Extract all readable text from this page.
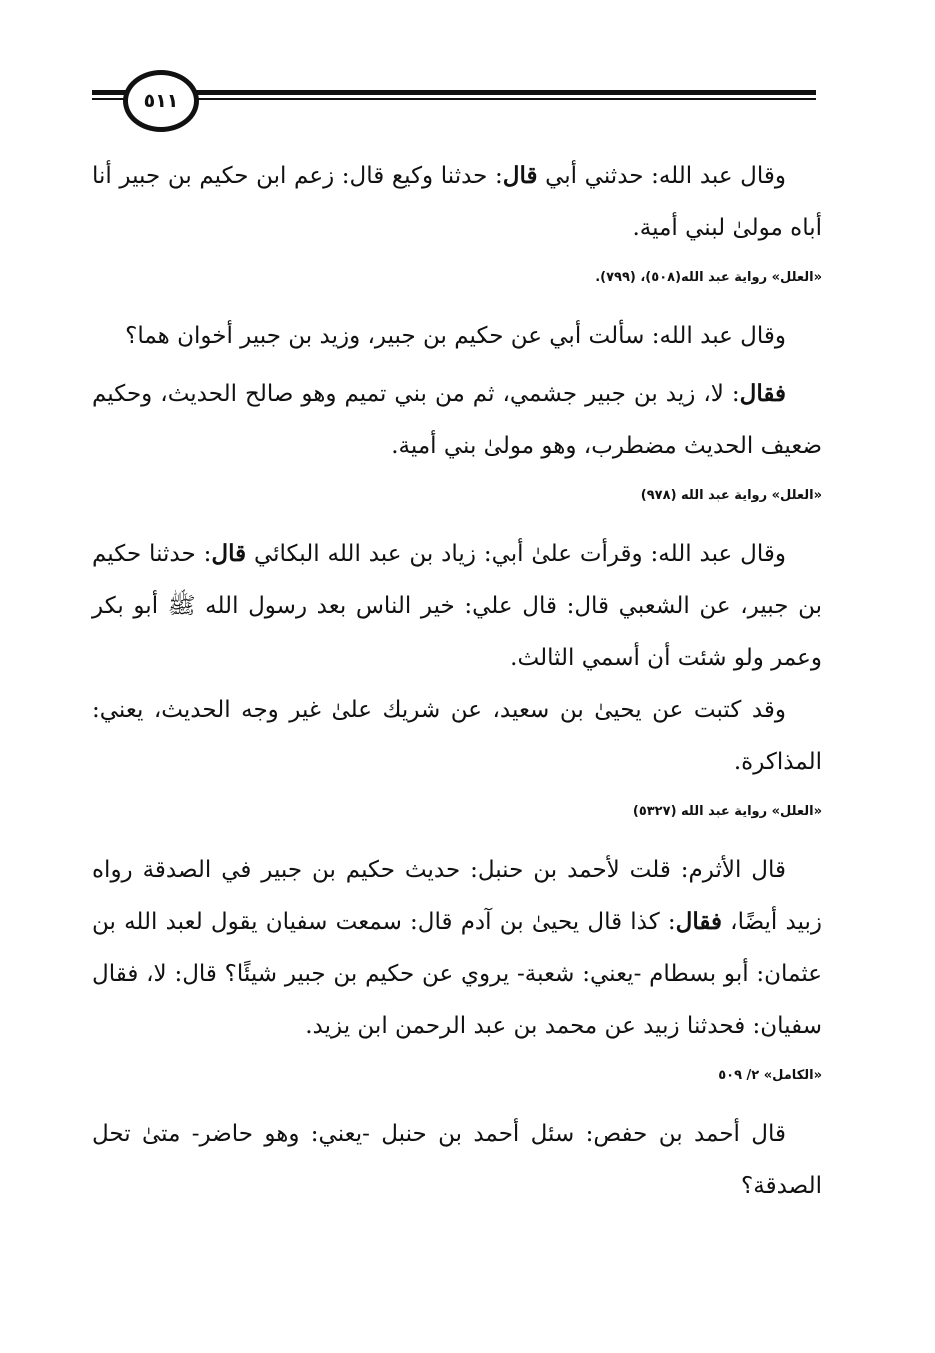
٥١١

وقال عبد الله: حدثني أبي قال: حدثنا وكيع قال: زعم ابن حكيم بن جبير أنا أباه مولىٰ لبني أمية.

«العلل» رواية عبد الله(٥٠٨)، (٧٩٩).

وقال عبد الله: سألت أبي عن حكيم بن جبير، وزيد بن جبير أخوان هما؟

فقال: لا، زيد بن جبير جشمي، ثم من بني تميم وهو صالح الحديث، وحكيم ضعيف الحديث مضطرب، وهو مولىٰ بني أمية.

«العلل» رواية عبد الله (٩٧٨)

وقال عبد الله: وقرأت علىٰ أبي: زياد بن عبد الله البكائي قال: حدثنا حكيم بن جبير، عن الشعبي قال: قال علي: خير الناس بعد رسول الله ﷺ أبو بكر وعمر ولو شئت أن أسمي الثالث.

وقد كتبت عن يحيىٰ بن سعيد، عن شريك علىٰ غير وجه الحديث، يعني: المذاكرة.

«العلل» رواية عبد الله (٥٣٢٧)

قال الأثرم: قلت لأحمد بن حنبل: حديث حكيم بن جبير في الصدقة رواه زبيد أيضًا، فقال: كذا قال يحيىٰ بن آدم قال: سمعت سفيان يقول لعبد الله بن عثمان: أبو بسطام -يعني: شعبة- يروي عن حكيم بن جبير شيئًا؟ قال: لا، فقال سفيان: فحدثنا زبيد عن محمد بن عبد الرحمن ابن يزيد.

«الكامل» ٢/ ٥٠٩

قال أحمد بن حفص: سئل أحمد بن حنبل -يعني: وهو حاضر- متىٰ تحل الصدقة؟
